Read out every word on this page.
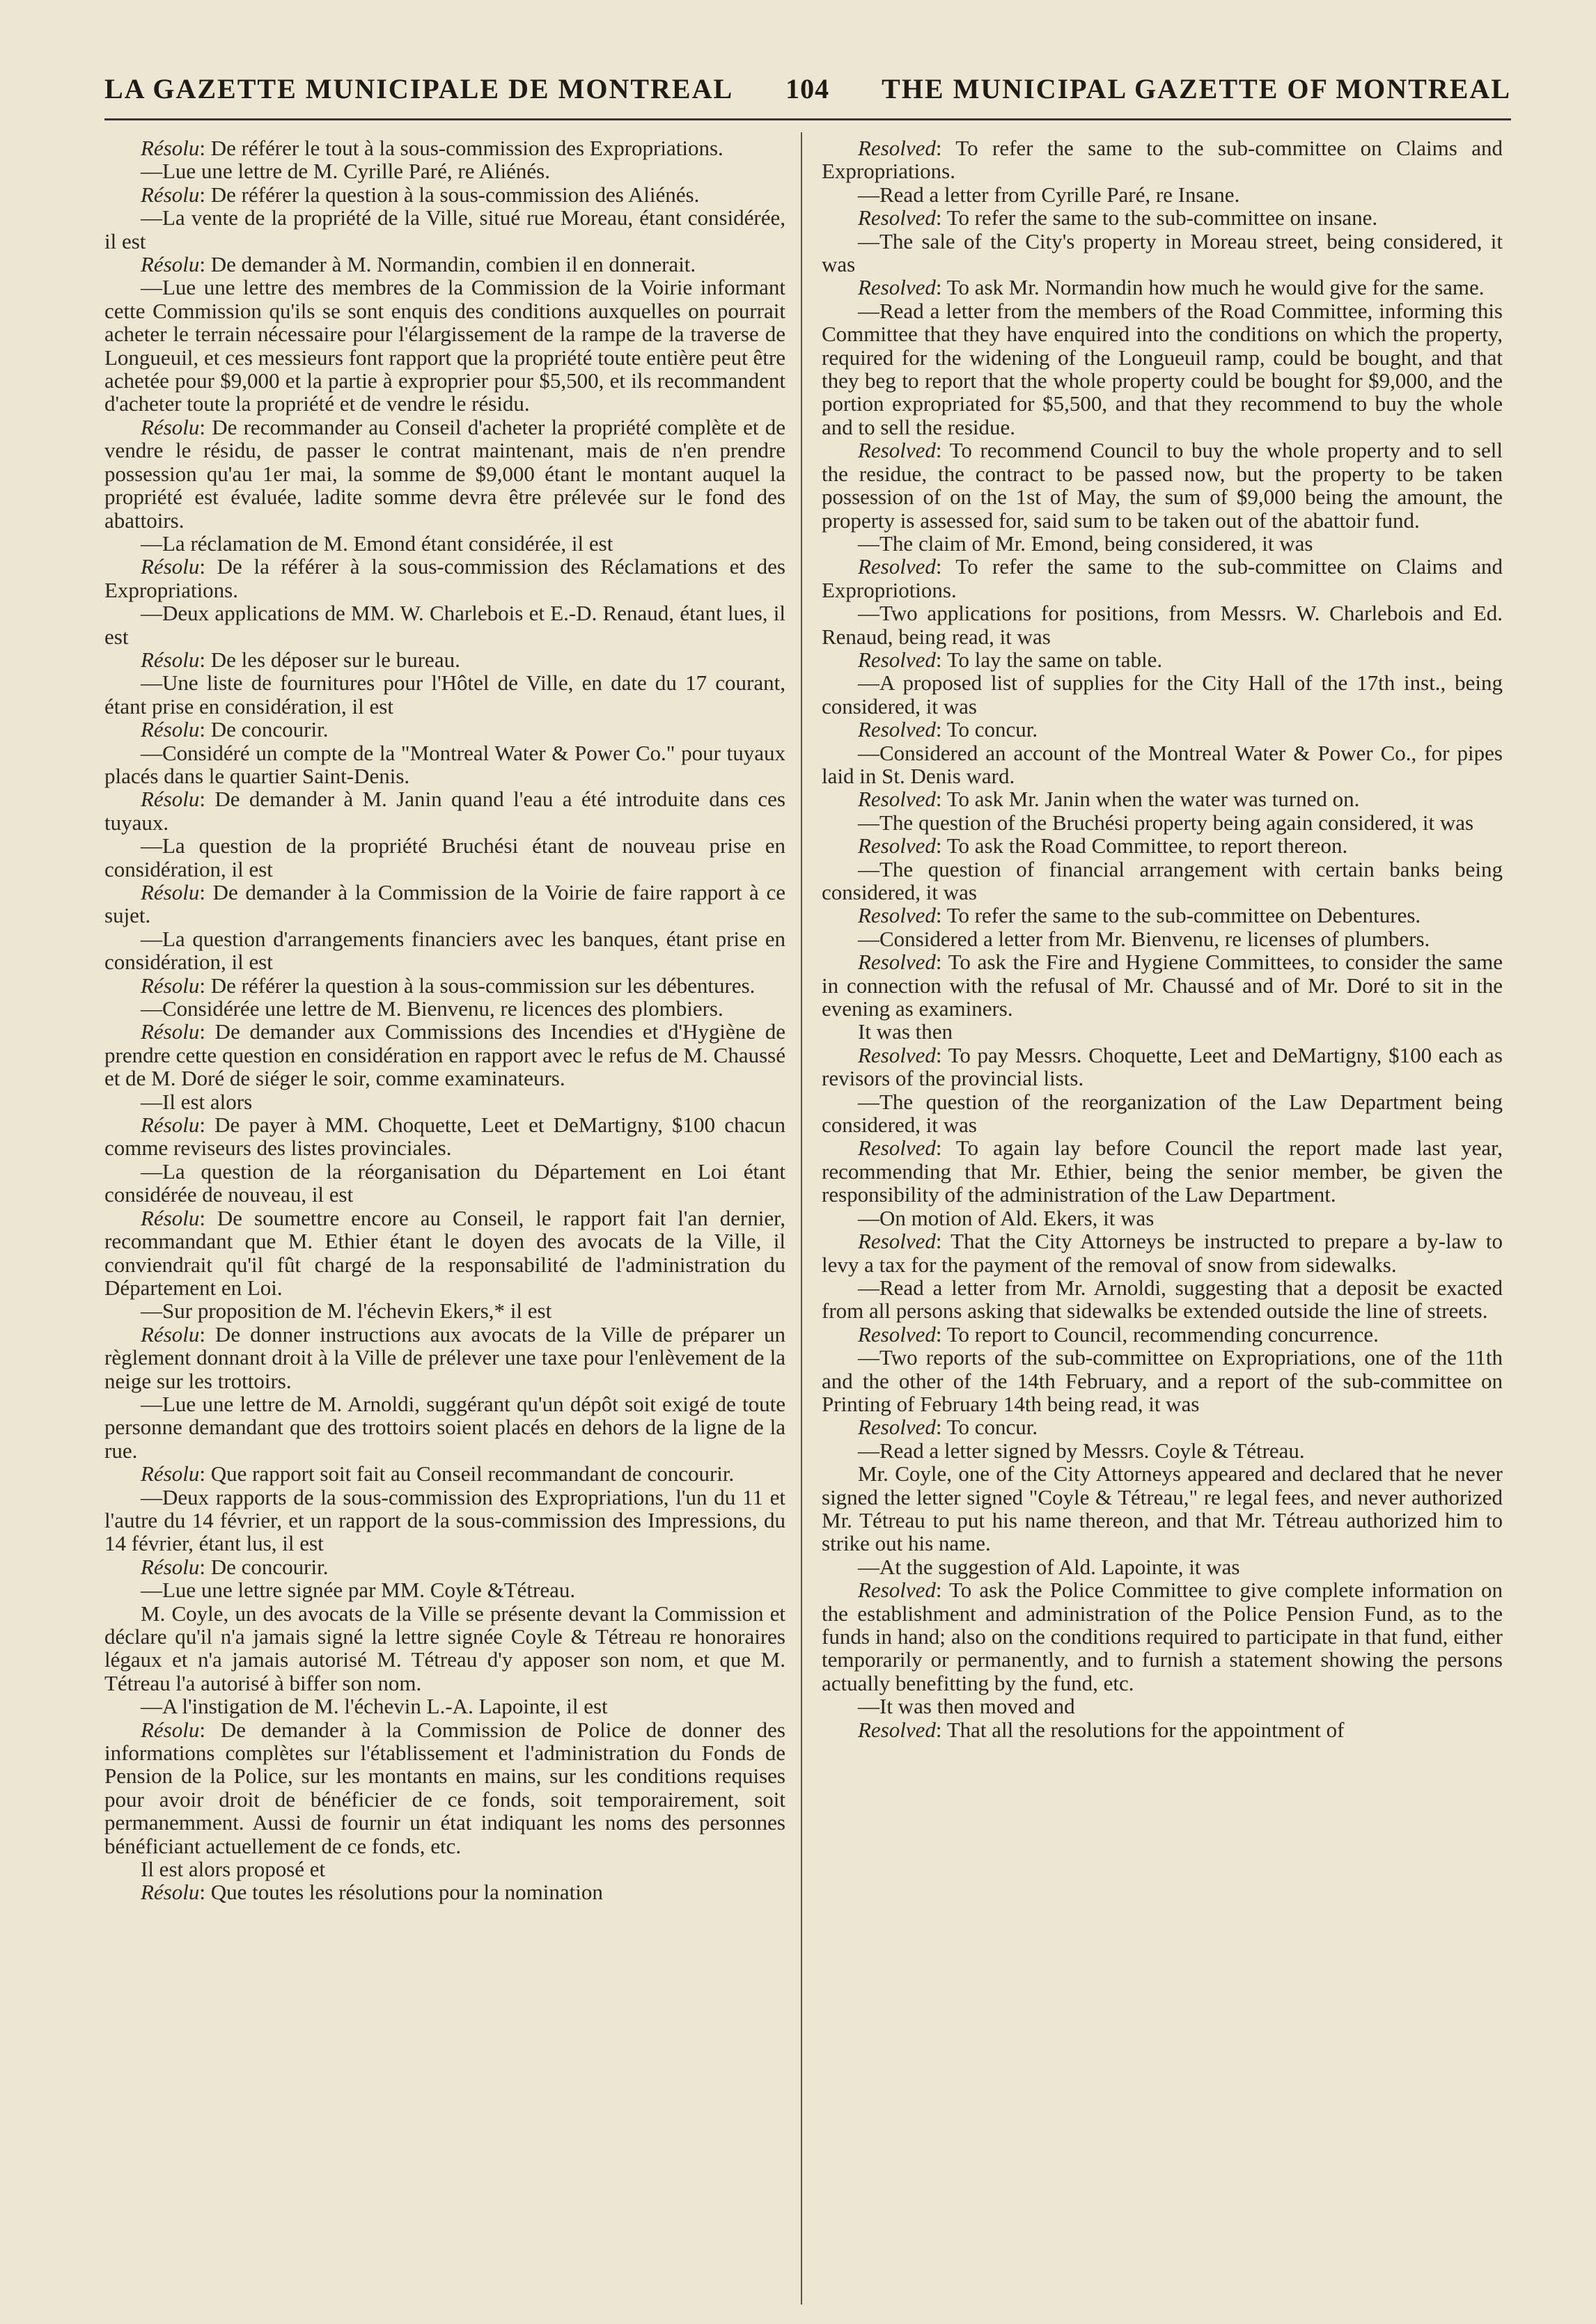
LA GAZETTE MUNICIPALE DE MONTREAL 104 THE MUNICIPAL GAZETTE OF MONTREAL

Résolu: De référer le tout à la sous-commission des Expropriations.

—Lue une lettre de M. Cyrille Paré, re Aliénés.

Résolu: De référer la question à la sous-commission des Aliénés.

—La vente de la propriété de la Ville, situé rue Moreau, étant considérée, il est

Résolu: De demander à M. Normandin, combien il en donnerait.

—Lue une lettre des membres de la Commission de la Voirie informant cette Commission qu'ils se sont enquis des conditions auxquelles on pourrait acheter le terrain nécessaire pour l'élargissement de la rampe de la traverse de Longueuil, et ces messieurs font rapport que la propriété toute entière peut être achetée pour $9,000 et la partie à exproprier pour $5,500, et ils recommandent d'acheter toute la propriété et de vendre le résidu.

Résolu: De recommander au Conseil d'acheter la propriété complète et de vendre le résidu, de passer le contrat maintenant, mais de n'en prendre possession qu'au 1er mai, la somme de $9,000 étant le montant auquel la propriété est évaluée, ladite somme devra être prélevée sur le fond des abattoirs.

—La réclamation de M. Emond étant considérée, il est

Résolu: De la référer à la sous-commission des Réclamations et des Expropriations.

—Deux applications de MM. W. Charlebois et E.-D. Renaud, étant lues, il est

Résolu: De les déposer sur le bureau.

—Une liste de fournitures pour l'Hôtel de Ville, en date du 17 courant, étant prise en considération, il est

Résolu: De concourir.

—Considéré un compte de la "Montreal Water & Power Co." pour tuyaux placés dans le quartier Saint-Denis.

Résolu: De demander à M. Janin quand l'eau a été introduite dans ces tuyaux.

—La question de la propriété Bruchési étant de nouveau prise en considération, il est

Résolu: De demander à la Commission de la Voirie de faire rapport à ce sujet.

—La question d'arrangements financiers avec les banques, étant prise en considération, il est

Résolu: De référer la question à la sous-commission sur les débentures.

—Considérée une lettre de M. Bienvenu, re licences des plombiers.

Résolu: De demander aux Commissions des Incendies et d'Hygiène de prendre cette question en considération en rapport avec le refus de M. Chaussé et de M. Doré de siéger le soir, comme examinateurs.

—Il est alors

Résolu: De payer à MM. Choquette, Leet et DeMartigny, $100 chacun comme reviseurs des listes provinciales.

—La question de la réorganisation du Département en Loi étant considérée de nouveau, il est

Résolu: De soumettre encore au Conseil, le rapport fait l'an dernier, recommandant que M. Ethier étant le doyen des avocats de la Ville, il conviendrait qu'il fût chargé de la responsabilité de l'administration du Département en Loi.

—Sur proposition de M. l'échevin Ekers,* il est

Résolu: De donner instructions aux avocats de la Ville de préparer un règlement donnant droit à la Ville de prélever une taxe pour l'enlèvement de la neige sur les trottoirs.

—Lue une lettre de M. Arnoldi, suggérant qu'un dépôt soit exigé de toute personne demandant que des trottoirs soient placés en dehors de la ligne de la rue.

Résolu: Que rapport soit fait au Conseil recommandant de concourir.

—Deux rapports de la sous-commission des Expropriations, l'un du 11 et l'autre du 14 février, et un rapport de la sous-commission des Impressions, du 14 février, étant lus, il est

Résolu: De concourir.

—Lue une lettre signée par MM. Coyle &Tétreau.

M. Coyle, un des avocats de la Ville se présente devant la Commission et déclare qu'il n'a jamais signé la lettre signée Coyle & Tétreau re honoraires légaux et n'a jamais autorisé M. Tétreau d'y apposer son nom, et que M. Tétreau l'a autorisé à biffer son nom.

—A l'instigation de M. l'échevin L.-A. Lapointe, il est

Résolu: De demander à la Commission de Police de donner des informations complètes sur l'établissement et l'administration du Fonds de Pension de la Police, sur les montants en mains, sur les conditions requises pour avoir droit de bénéficier de ce fonds, soit temporairement, soit permanemment. Aussi de fournir un état indiquant les noms des personnes bénéficiant actuellement de ce fonds, etc.

Il est alors proposé et

Résolu: Que toutes les résolutions pour la nomination

Resolved: To refer the same to the sub-committee on Claims and Expropriations.

—Read a letter from Cyrille Paré, re Insane.

Resolved: To refer the same to the sub-committee on insane.

—The sale of the City's property in Moreau street, being considered, it was

Resolved: To ask Mr. Normandin how much he would give for the same.

—Read a letter from the members of the Road Committee, informing this Committee that they have enquired into the conditions on which the property, required for the widening of the Longueuil ramp, could be bought, and that they beg to report that the whole property could be bought for $9,000, and the portion expropriated for $5,500, and that they recommend to buy the whole and to sell the residue.

Resolved: To recommend Council to buy the whole property and to sell the residue, the contract to be passed now, but the property to be taken possession of on the 1st of May, the sum of $9,000 being the amount, the property is assessed for, said sum to be taken out of the abattoir fund.

—The claim of Mr. Emond, being considered, it was

Resolved: To refer the same to the sub-committee on Claims and Expropriotions.

—Two applications for positions, from Messrs. W. Charlebois and Ed. Renaud, being read, it was

Resolved: To lay the same on table.

—A proposed list of supplies for the City Hall of the 17th inst., being considered, it was

Resolved: To concur.

—Considered an account of the Montreal Water & Power Co., for pipes laid in St. Denis ward.

Resolved: To ask Mr. Janin when the water was turned on.

—The question of the Bruchési property being again considered, it was

Resolved: To ask the Road Committee, to report thereon.

—The question of financial arrangement with certain banks being considered, it was

Resolved: To refer the same to the sub-committee on Debentures.

—Considered a letter from Mr. Bienvenu, re licenses of plumbers.

Resolved: To ask the Fire and Hygiene Committees, to consider the same in connection with the refusal of Mr. Chaussé and of Mr. Doré to sit in the evening as examiners.

It was then

Resolved: To pay Messrs. Choquette, Leet and DeMartigny, $100 each as revisors of the provincial lists.

—The question of the reorganization of the Law Department being considered, it was

Resolved: To again lay before Council the report made last year, recommending that Mr. Ethier, being the senior member, be given the responsibility of the administration of the Law Department.

—On motion of Ald. Ekers, it was

Resolved: That the City Attorneys be instructed to prepare a by-law to levy a tax for the payment of the removal of snow from sidewalks.

—Read a letter from Mr. Arnoldi, suggesting that a deposit be exacted from all persons asking that sidewalks be extended outside the line of streets.

Resolved: To report to Council, recommending concurrence.

—Two reports of the sub-committee on Expropriations, one of the 11th and the other of the 14th February, and a report of the sub-committee on Printing of February 14th being read, it was

Resolved: To concur.

—Read a letter signed by Messrs. Coyle & Tétreau.

Mr. Coyle, one of the City Attorneys appeared and declared that he never signed the letter signed "Coyle & Tétreau," re legal fees, and never authorized Mr. Tétreau to put his name thereon, and that Mr. Tétreau authorized him to strike out his name.

—At the suggestion of Ald. Lapointe, it was

Resolved: To ask the Police Committee to give complete information on the establishment and administration of the Police Pension Fund, as to the funds in hand; also on the conditions required to participate in that fund, either temporarily or permanently, and to furnish a statement showing the persons actually benefitting by the fund, etc.

—It was then moved and

Resolved: That all the resolutions for the appointment of
